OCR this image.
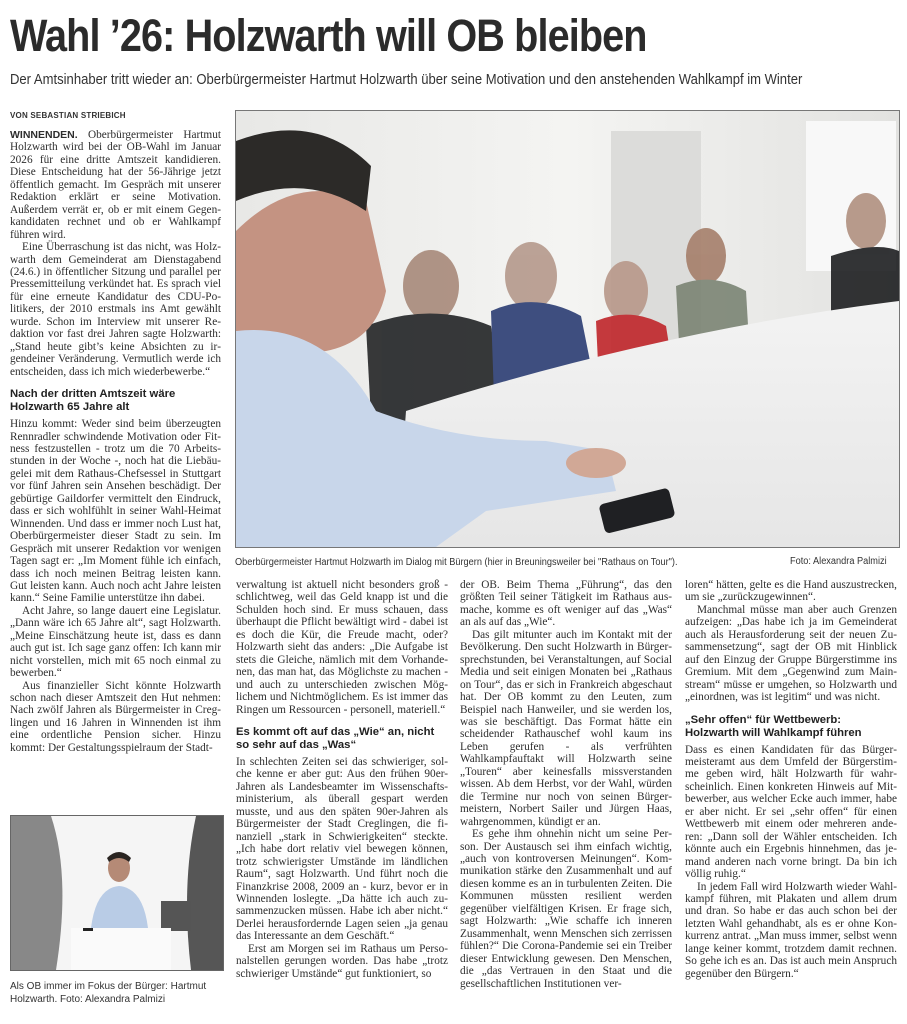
Wahl ’26: Holzwarth will OB bleiben
Der Amtsinhaber tritt wieder an: Oberbürgermeister Hartmut Holzwarth über seine Motivation und den anstehenden Wahlkampf im Winter
VON SEBASTIAN STRIEBICH
Oberbürgermeister Hartmut Holzwarth im Dialog mit Bürgern (hier in Breuningsweiler bei "Rathaus on Tour").	Foto: Alexandra Palmizi

WINNENDEN. Oberbürgermeister Hartmut Holzwarth wird bei der OB-Wahl im Januar 2026 für eine dritte Amtszeit kandidieren. Diese Entscheidung hat der 56-Jährige jetzt öffentlich gemacht. Im Gespräch mit unserer Redaktion erklärt er seine Motivation. Außerdem verrät er, ob er mit einem Gegenkandidaten rechnet und ob er Wahlkampf führen wird.

Eine Überraschung ist das nicht, was Holzwarth dem Gemeinderat am Dienstagabend (24.6.) in öffentlicher Sitzung und parallel per Pressemitteilung verkündet hat. Es sprach viel für eine erneute Kandidatur des CDU-Politikers, der 2010 erstmals ins Amt gewählt wurde. Schon im Interview mit unserer Redaktion vor fast drei Jahren sagte Holzwarth: „Stand heute gibt’s keine Absichten zu irgendeiner Veränderung. Vermutlich werde ich entscheiden, dass ich mich wiederbewerbe.“

Nach der dritten Amtszeit wäre Holzwarth 65 Jahre alt

Hinzu kommt: Weder sind beim überzeugten Rennradler schwindende Motivation oder Fitness festzustellen - trotz um die 70 Arbeitsstunden in der Woche -, noch hat die Liebäugelei mit dem Rathaus-Chefsessel in Stuttgart vor fünf Jahren sein Ansehen beschädigt. Der gebürtige Gaildorfer vermittelt den Eindruck, dass er sich wohlfühlt in seiner Wahl-Heimat Winnenden. Und dass er immer noch Lust hat, Oberbürgermeister dieser Stadt zu sein. Im Gespräch mit unserer Redaktion vor wenigen Tagen sagt er: „Im Moment fühle ich einfach, dass ich noch meinen Beitrag leisten kann. Gut leisten kann. Auch noch acht Jahre leisten kann.“ Seine Familie unterstütze ihn dabei.

Acht Jahre, so lange dauert eine Legislatur. „Dann wäre ich 65 Jahre alt“, sagt Holzwarth. „Meine Einschätzung heute ist, dass es dann auch gut ist. Ich sage ganz offen: Ich kann mir nicht vorstellen, mich mit 65 noch einmal zu bewerben.“

Aus finanzieller Sicht könnte Holzwarth schon nach dieser Amtszeit den Hut nehmen: Nach zwölf Jahren als Bürgermeister in Creglingen und 16 Jahren in Winnenden ist ihm eine ordentliche Pension sicher. Hinzu kommt: Der Gestaltungsspielraum der Stadt-

Als OB immer im Fokus der Bürger: Hartmut Holzwarth. Foto: Alexandra Palmizi

verwaltung ist aktuell nicht besonders groß - schlichtweg, weil das Geld knapp ist und die Schulden hoch sind. Er muss schauen, dass überhaupt die Pflicht bewältigt wird - dabei ist es doch die Kür, die Freude macht, oder? Holzwarth sieht das anders: „Die Aufgabe ist stets die Gleiche, nämlich mit dem Vorhandenen, das man hat, das Möglichste zu machen - und auch zu unterschieden zwischen Möglichem und Nichtmöglichem. Es ist immer das Ringen um Ressourcen - personell, materiell.“

Es kommt oft auf das „Wie“ an, nicht so sehr auf das „Was“

In schlechten Zeiten sei das schwieriger, solche kenne er aber gut: Aus den frühen 90er-Jahren als Landesbeamter im Wissenschaftsministerium, als überall gespart werden musste, und aus den späten 90er-Jahren als Bürgermeister der Stadt Creglingen, die finanziell „stark in Schwierigkeiten“ steckte. „Ich habe dort relativ viel bewegen können, trotz schwierigster Umstände im ländlichen Raum“, sagt Holzwarth. Und führt noch die Finanzkrise 2008, 2009 an - kurz, bevor er in Winnenden loslegte. „Da hätte ich auch zusammenzucken müssen. Habe ich aber nicht.“ Derlei herausfordernde Lagen seien „ja genau das Interessante an dem Geschäft.“

Erst am Morgen sei im Rathaus um Personalstellen gerungen worden. Das habe „trotz schwieriger Umstände“ gut funktioniert, so

der OB. Beim Thema „Führung“, das den größten Teil seiner Tätigkeit im Rathaus ausmache, komme es oft weniger auf das „Was“ an als auf das „Wie“.

Das gilt mitunter auch im Kontakt mit der Bevölkerung. Den sucht Holzwarth in Bürgersprechstunden, bei Veranstaltungen, auf Social Media und seit einigen Monaten bei „Rathaus on Tour“, das er sich in Frankreich abgeschaut hat. Der OB kommt zu den Leuten, zum Beispiel nach Hanweiler, und sie werden los, was sie beschäftigt. Das Format hätte ein scheidender Rathauschef wohl kaum ins Leben gerufen - als verfrühten Wahlkampfauftakt will Holzwarth seine „Touren“ aber keinesfalls missverstanden wissen. Ab dem Herbst, vor der Wahl, würden die Termine nur noch von seinen Bürgermeistern, Norbert Sailer und Jürgen Haas, wahrgenommen, kündigt er an.

Es gehe ihm ohnehin nicht um seine Person. Der Austausch sei ihm einfach wichtig, „auch von kontroversen Meinungen“. Kommunikation stärke den Zusammenhalt und auf diesen komme es an in turbulenten Zeiten. Die Kommunen müssten resilient werden gegenüber vielfältigen Krisen. Er frage sich, sagt Holzwarth: „Wie schaffe ich inneren Zusammenhalt, wenn Menschen sich zerrissen fühlen?“ Die Corona-Pandemie sei ein Treiber dieser Entwicklung gewesen. Den Menschen, die „das Vertrauen in den Staat und die gesellschaftlichen Institutionen ver-

loren“ hätten, gelte es die Hand auszustrecken, um sie „zurückzugewinnen“.

Manchmal müsse man aber auch Grenzen aufzeigen: „Das habe ich ja im Gemeinderat auch als Herausforderung seit der neuen Zusammensetzung“, sagt der OB mit Hinblick auf den Einzug der Gruppe Bürgerstimme ins Gremium. Mit dem „Gegenwind zum Mainstream“ müsse er umgehen, so Holzwarth und „einordnen, was ist legitim“ und was nicht.

„Sehr offen“ für Wettbewerb: Holzwarth will Wahlkampf führen

Dass es einen Kandidaten für das Bürgermeisteramt aus dem Umfeld der Bürgerstimme geben wird, hält Holzwarth für wahrscheinlich. Einen konkreten Hinweis auf Mitbewerber, aus welcher Ecke auch immer, habe er aber nicht. Er sei „sehr offen“ für einen Wettbewerb mit einem oder mehreren anderen: „Dann soll der Wähler entscheiden. Ich könnte auch ein Ergebnis hinnehmen, das jemand anderen nach vorne bringt. Da bin ich völlig ruhig.“

In jedem Fall wird Holzwarth wieder Wahlkampf führen, mit Plakaten und allem drum und dran. So habe er das auch schon bei der letzten Wahl gehandhabt, als es er ohne Konkurrenz antrat. „Man muss immer, selbst wenn lange keiner kommt, trotzdem damit rechnen. So gehe ich es an. Das ist auch mein Anspruch gegenüber den Bürgern.“
